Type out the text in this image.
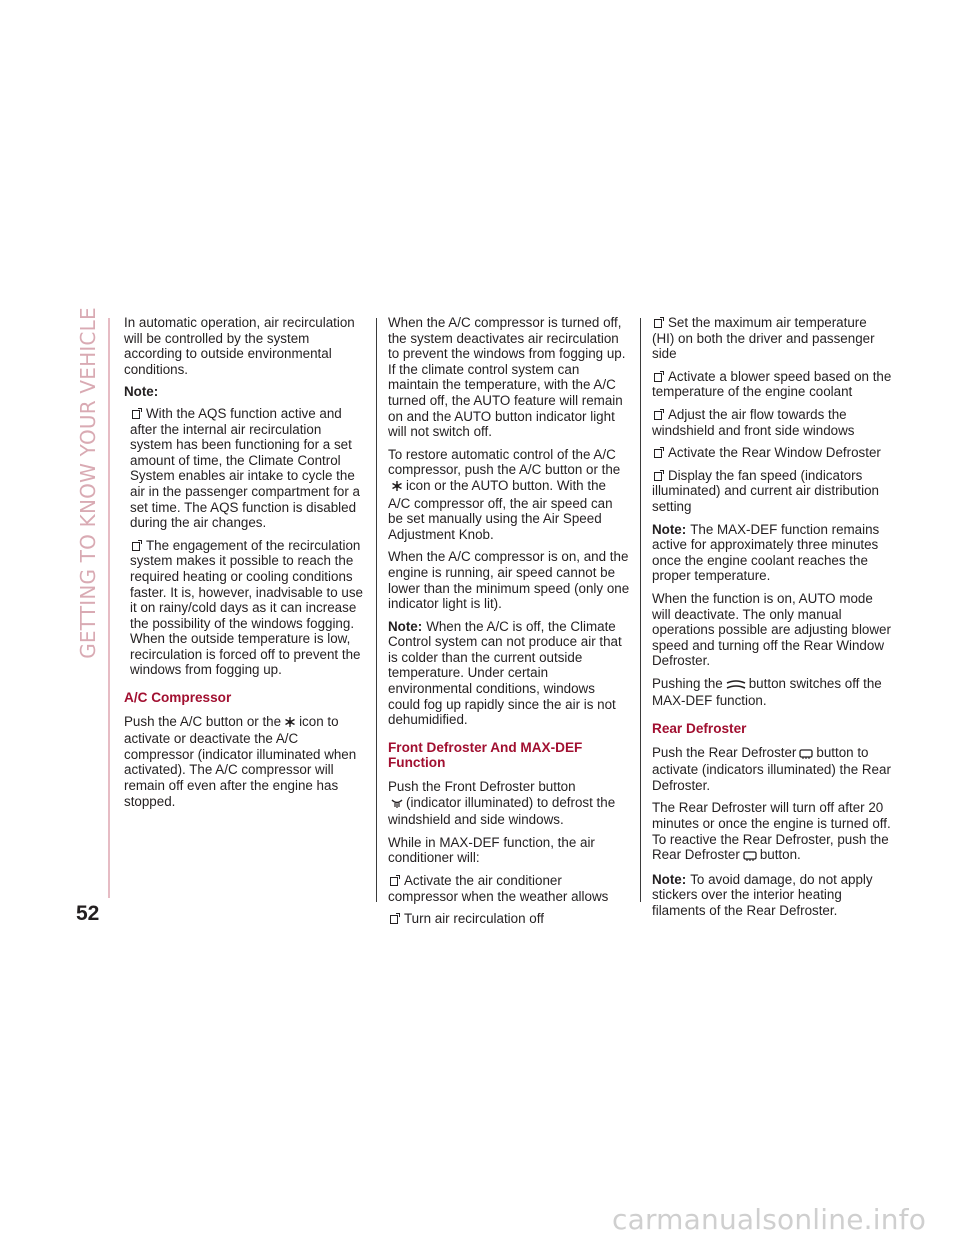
GETTING TO KNOW YOUR VEHICLE In automatic operation, air recirculation will be controlled by the system according to outside environmental conditions.

Note:

With the AQS function active and after the internal air recirculation system has been functioning for a set amount of time, the Climate Control System enables air intake to cycle the air in the passenger compartment for a set time. The AQS function is disabled during the air changes.

The engagement of the recirculation system makes it possible to reach the required heating or cooling conditions faster. It is, however, inadvisable to use it on rainy/cold days as it can increase the possibility of the windows fogging. When the outside temperature is low, recirculation is forced off to prevent the windows from fogging up.

A/C Compressor

Push the A/C button or the icon to activate or deactivate the A/C compressor (indicator illuminated when activated). The A/C compressor will remain off even after the engine has stopped.

When the A/C compressor is turned off, the system deactivates air recirculation to prevent the windows from fogging up. If the climate control system can maintain the temperature, with the A/C turned off, the AUTO feature will remain on and the AUTO button indicator light will not switch off.

To restore automatic control of the A/C compressor, push the A/C button or the
icon or the AUTO button. With the A/C compressor off, the air speed can be set manually using the Air Speed Adjustment Knob.

When the A/C compressor is on, and the engine is running, air speed cannot be lower than the minimum speed (only one indicator light is lit).

Note: When the A/C is off, the Climate Control system can not produce air that is colder than the current outside temperature. Under certain environmental conditions, windows could fog up rapidly since the air is not dehumidified.

Front Defroster And MAX-DEF Function

Push the Front Defroster button
(indicator illuminated) to defrost the windshield and side windows.

While in MAX-DEF function, the air conditioner will:

Activate the air conditioner compressor when the weather allows

Turn air recirculation off

Set the maximum air temperature (HI) on both the driver and passenger side

Activate a blower speed based on the temperature of the engine coolant

Adjust the air flow towards the windshield and front side windows

Activate the Rear Window Defroster

Display the fan speed (indicators illuminated) and current air distribution setting

Note: The MAX-DEF function remains active for approximately three minutes once the engine coolant reaches the proper temperature.

When the function is on, AUTO mode will deactivate. The only manual operations possible are adjusting blower speed and turning off the Rear Window Defroster.

Pushing the button switches off the MAX-DEF function.

Rear Defroster

Push the Rear Defroster button to activate (indicators illuminated) the Rear Defroster.

The Rear Defroster will turn off after 20 minutes or once the engine is turned off. To reactive the Rear Defroster, push the Rear Defroster button.

Note: To avoid damage, do not apply stickers over the interior heating filaments of the Rear Defroster.

52
carmanualsonline.info
